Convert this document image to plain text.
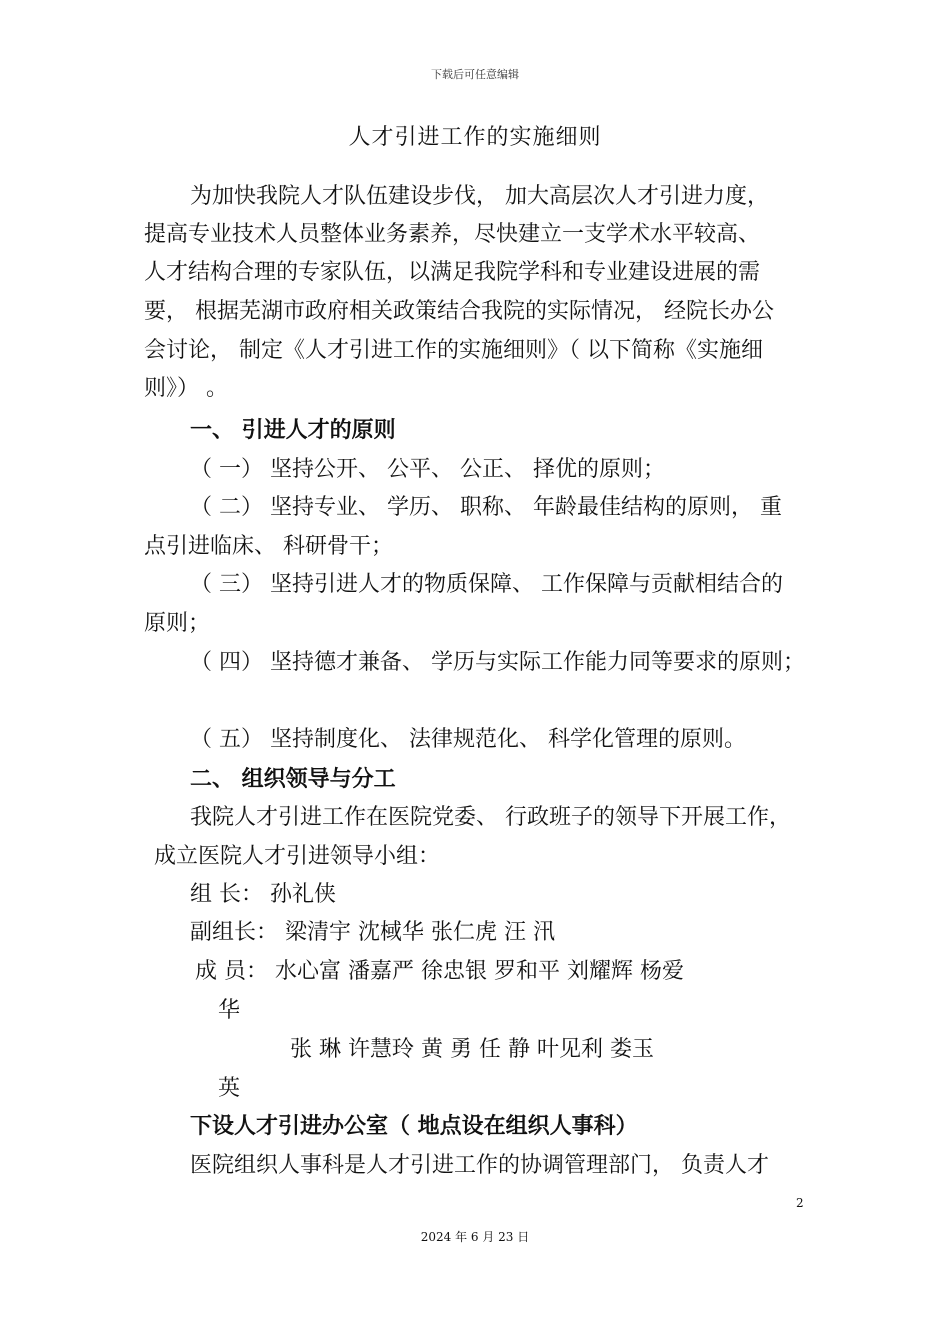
下载后可任意编辑
人才引进工作的实施细则
为加快我院人才队伍建设步伐， 加大高层次人才引进力度，
提高专业技术人员整体业务素养，尽快建立一支学术水平较高、
人才结构合理的专家队伍，以满足我院学科和专业建设进展的需
要， 根据芜湖市政府相关政策结合我院的实际情况， 经院长办公
会讨论， 制定《人才引进工作的实施细则》（ 以下简称《实施细
则》） 。
一、 引进人才的原则
（ 一） 坚持公开、 公平、 公正、 择优的原则；
（ 二） 坚持专业、 学历、 职称、 年龄最佳结构的原则， 重
点引进临床、 科研骨干；
（ 三） 坚持引进人才的物质保障、 工作保障与贡献相结合的
原则；
（ 四） 坚持德才兼备、 学历与实际工作能力同等要求的原则；
（ 五） 坚持制度化、 法律规范化、 科学化管理的原则。
二、 组织领导与分工
我院人才引进工作在医院党委、 行政班子的领导下开展工作，
成立医院人才引进领导小组：
组 长： 孙礼侠
副组长： 梁清宇 沈棫华 张仁虎 汪 汛
成 员： 水心富 潘嘉严 徐忠银 罗和平 刘耀辉 杨爱
华
张 琳 许慧玲 黄 勇 任 静 叶见利 娄玉
英
下设人才引进办公室（ 地点设在组织人事科）
医院组织人事科是人才引进工作的协调管理部门， 负责人才
2
2024 年 6 月 23 日
